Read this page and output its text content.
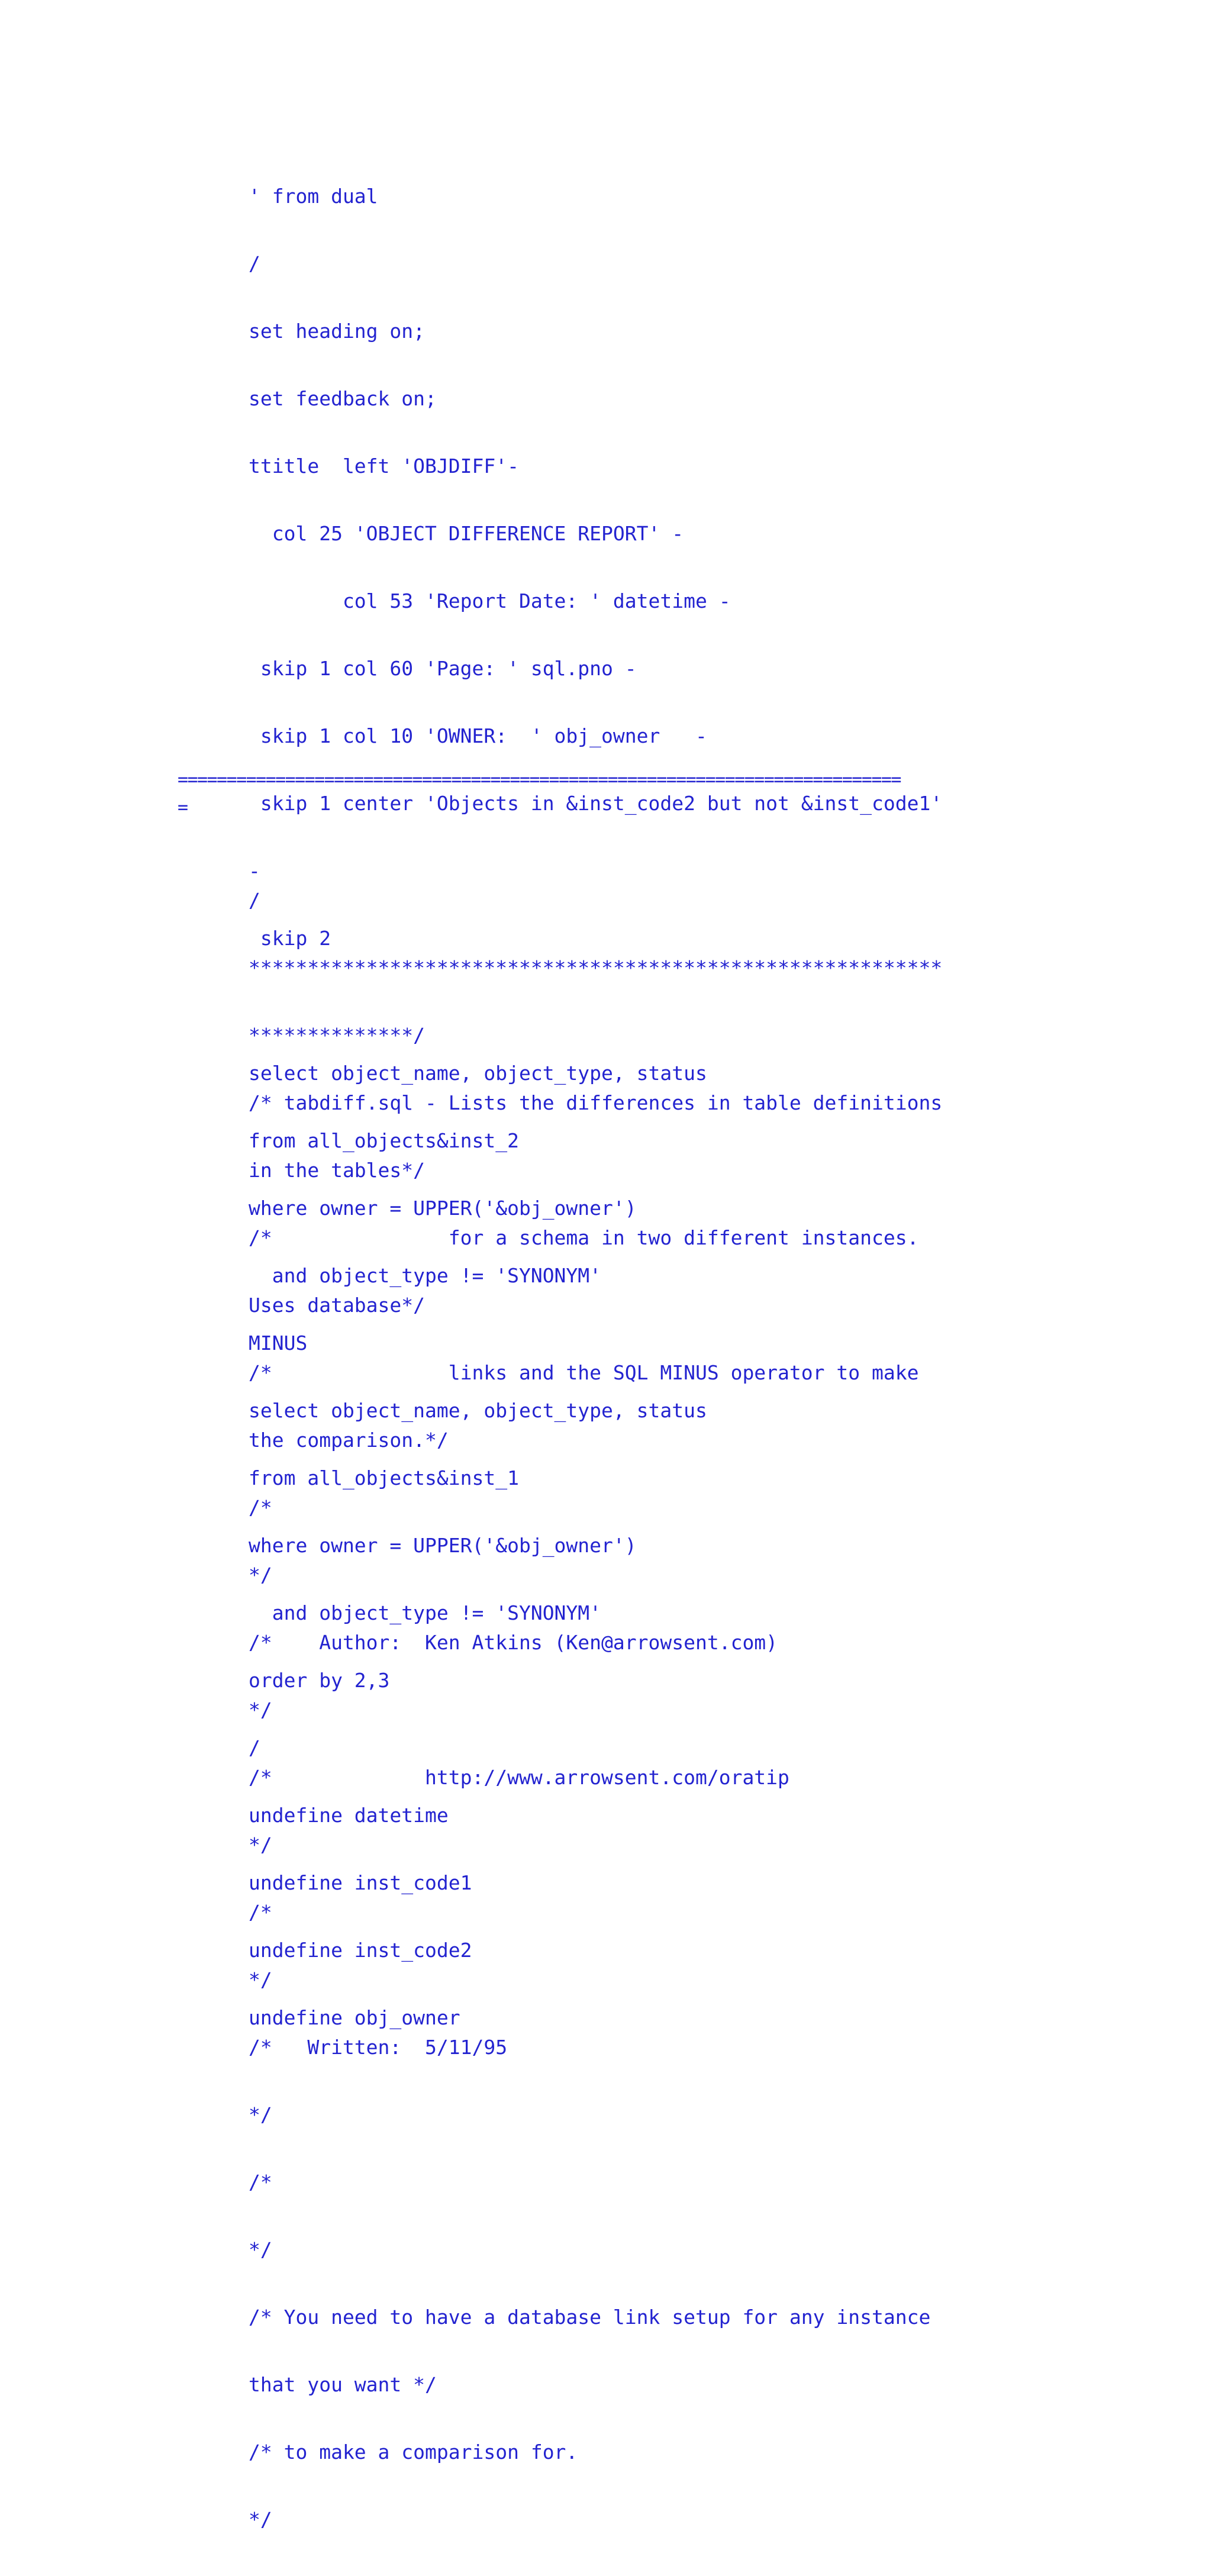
' from dual

/

set heading on;

set feedback on;

ttitle  left 'OBJDIFF'-

col 25 'OBJECT DIFFERENCE REPORT' -

col 53 'Report Date: ' datetime -

skip 1 col 60 'Page: ' sql.pno -

skip 1 col 10 'OWNER:  ' obj_owner   -

skip 1 center 'Objects in &inst_code2 but not &inst_code1'

-

skip 2

select object_name, object_type, status

from all_objects&inst_2

where owner = UPPER('&obj_owner')

and object_type != 'SYNONYM'

MINUS

select object_name, object_type, status

from all_objects&inst_1

where owner = UPPER('&obj_owner')

and object_type != 'SYNONYM'

order by 2,3

/

undefine datetime

undefine inst_code1

undefine inst_code2

undefine obj_owner

==========================================================================
=

/

***********************************************************

**************/

/* tabdiff.sql - Lists the differences in table definitions

in the tables*/

/*               for a schema in two different instances.

Uses database*/

/*               links and the SQL MINUS operator to make

the comparison.*/

/*

*/

/*    Author:  Ken Atkins (Ken@arrowsent.com)

*/

/*             http://www.arrowsent.com/oratip

*/

/*

*/

/*   Written:  5/11/95

*/

/*

*/

/* You need to have a database link setup for any instance

that you want */

/* to make a comparison for.

*/
